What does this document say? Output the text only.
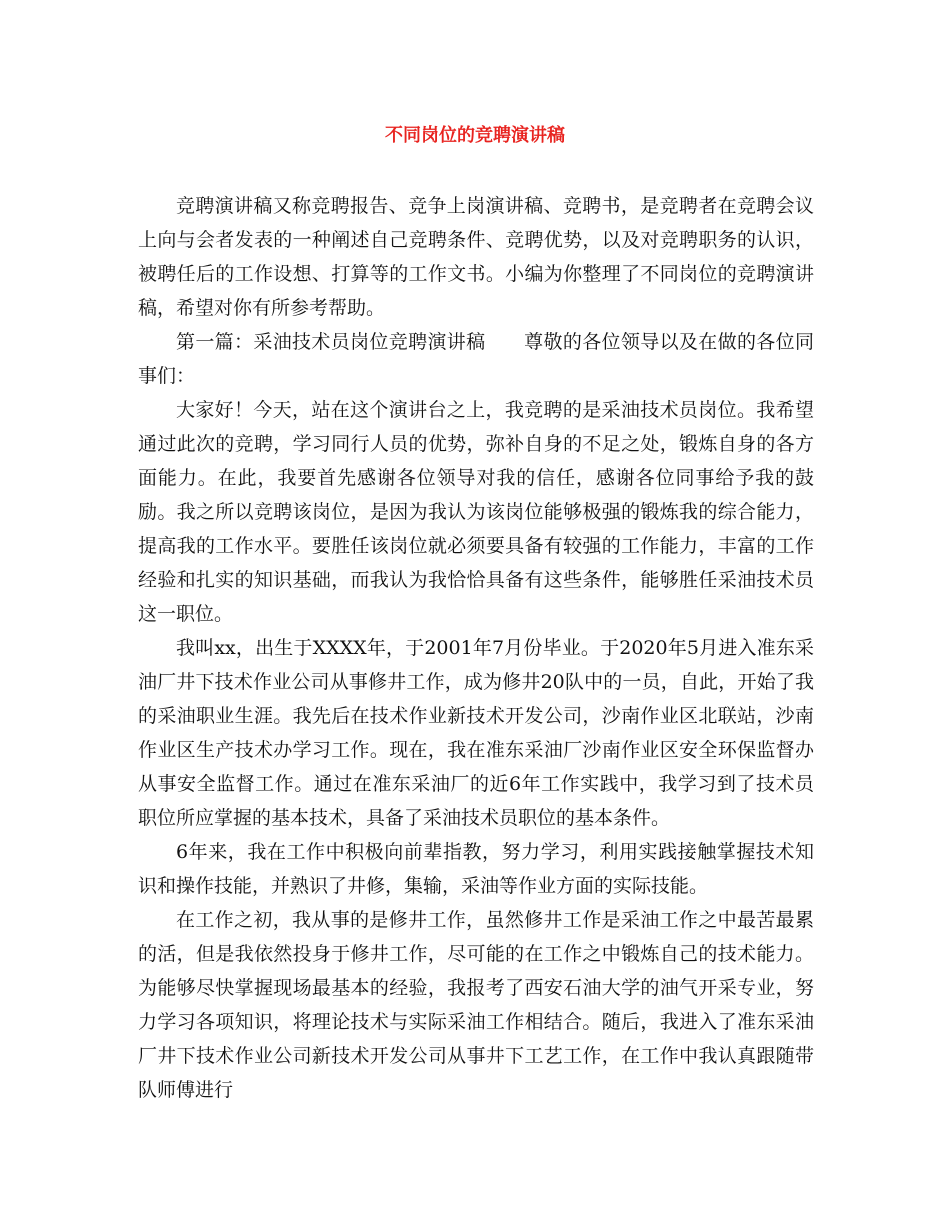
不同岗位的竞聘演讲稿

竞聘演讲稿又称竞聘报告、竞争上岗演讲稿、竞聘书，是竞聘者在竞聘会议上向与会者发表的一种阐述自己竞聘条件、竞聘优势，以及对竞聘职务的认识，被聘任后的工作设想、打算等的工作文书。小编为你整理了不同岗位的竞聘演讲稿，希望对你有所参考帮助。

第一篇：采油技术员岗位竞聘演讲稿　　尊敬的各位领导以及在做的各位同事们：

大家好！今天，站在这个演讲台之上，我竞聘的是采油技术员岗位。我希望通过此次的竞聘，学习同行人员的优势，弥补自身的不足之处，锻炼自身的各方面能力。在此，我要首先感谢各位领导对我的信任，感谢各位同事给予我的鼓励。我之所以竞聘该岗位，是因为我认为该岗位能够极强的锻炼我的综合能力，提高我的工作水平。要胜任该岗位就必须要具备有较强的工作能力，丰富的工作经验和扎实的知识基础，而我认为我恰恰具备有这些条件，能够胜任采油技术员这一职位。

我叫xx，出生于XXXX年，于2001年7月份毕业。于2020年5月进入准东采油厂井下技术作业公司从事修井工作，成为修井20队中的一员，自此，开始了我的采油职业生涯。我先后在技术作业新技术开发公司，沙南作业区北联站，沙南作业区生产技术办学习工作。现在，我在准东采油厂沙南作业区安全环保监督办从事安全监督工作。通过在准东采油厂的近6年工作实践中，我学习到了技术员职位所应掌握的基本技术，具备了采油技术员职位的基本条件。

6年来，我在工作中积极向前辈指教，努力学习，利用实践接触掌握技术知识和操作技能，并熟识了井修，集输，采油等作业方面的实际技能。

在工作之初，我从事的是修井工作，虽然修井工作是采油工作之中最苦最累的活，但是我依然投身于修井工作，尽可能的在工作之中锻炼自己的技术能力。为能够尽快掌握现场最基本的经验，我报考了西安石油大学的油气开采专业，努力学习各项知识，将理论技术与实际采油工作相结合。随后，我进入了准东采油厂井下技术作业公司新技术开发公司从事井下工艺工作，在工作中我认真跟随带队师傅进行
